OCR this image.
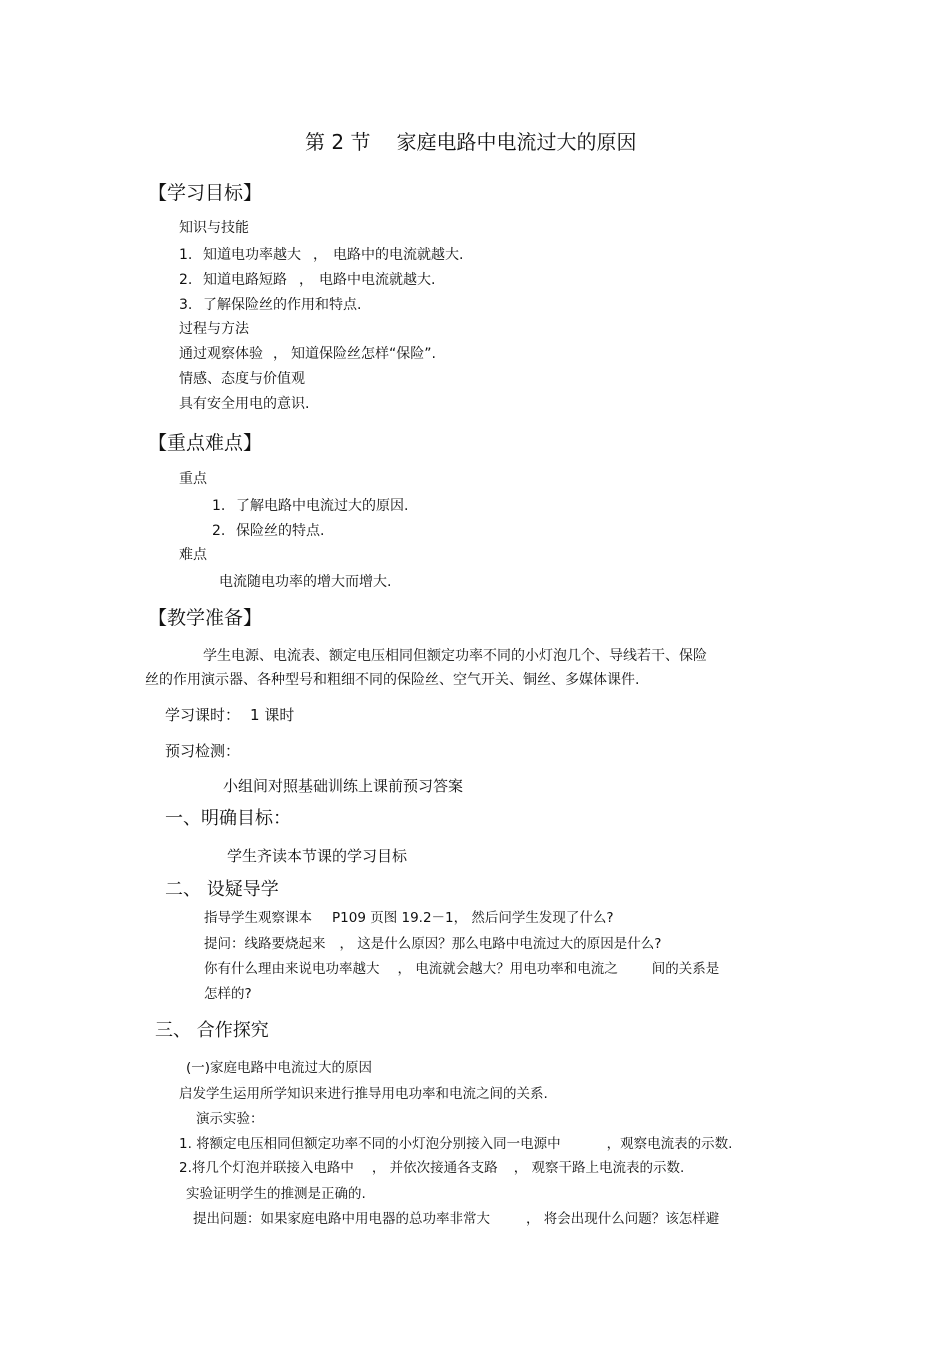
第 2 节 家庭电路中电流过大的原因
【学习目标】
知识与技能
1. 知道电功率越大 ， 电路中的电流就越大.
2. 知道电路短路 ， 电路中电流就越大.
3. 了解保险丝的作用和特点.
过程与方法
通过观察体验 ， 知道保险丝怎样“保险”.
情感、态度与价值观
具有安全用电的意识.
【重点难点】
重点
1. 了解电路中电流过大的原因.
2. 保险丝的特点.
难点
电流随电功率的增大而增大.
【教学准备】
学生电源、电流表、额定电压相同但额定功率不同的小灯泡几个、导线若干、保险
丝的作用演示器、各种型号和粗细不同的保险丝、空气开关、铜丝、多媒体课件.
学习课时： 1 课时
预习检测：
小组间对照基础训练上课前预习答案
一、明确目标：
学生齐读本节课的学习目标
二、 设疑导学
指导学生观察课本 P109 页图 19.2－1， 然后问学生发现了什么?
提问：线路要烧起来 ， 这是什么原因？那么电路中电流过大的原因是什么?
你有什么理由来说电功率越大 ， 电流就会越大？用电功率和电流之	间的关系是
怎样的?
三、 合作探究
(一)家庭电路中电流过大的原因
启发学生运用所学知识来进行推导用电功率和电流之间的关系.
演示实验：
1. 将额定电压相同但额定功率不同的小灯泡分别接入同一电源中	，观察电流表的示数.
2.将几个灯泡并联接入电路中 ， 并依次接通各支路 ， 观察干路上电流表的示数.
实验证明学生的推测是正确的.
提出问题：如果家庭电路中用电器的总功率非常大	， 将会出现什么问题？该怎样避
